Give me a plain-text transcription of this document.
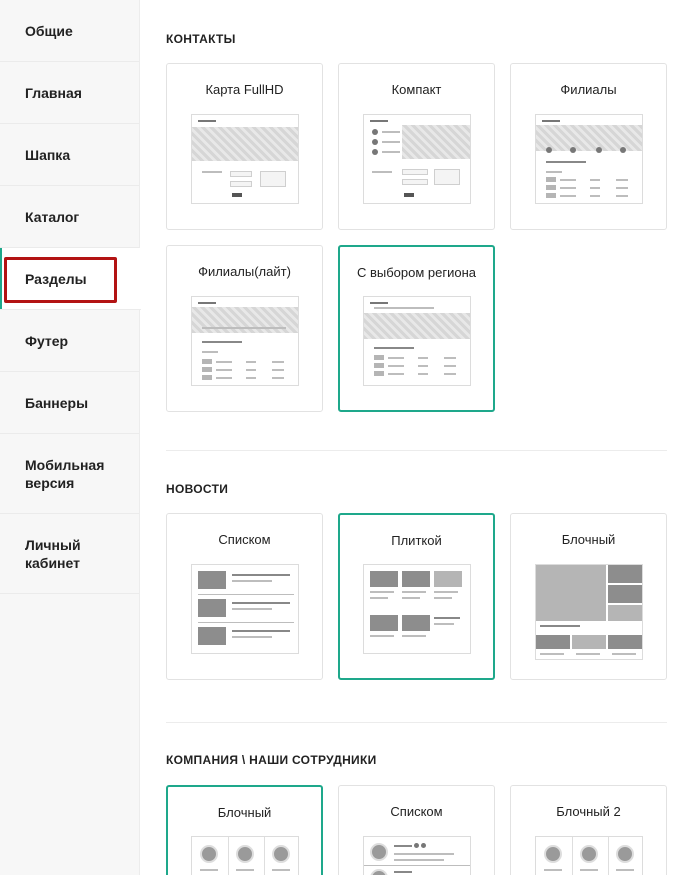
Общие
Главная
Шапка
Каталог
Разделы
Футер
Баннеры
Мобильная версия
Личный кабинет
КОНТАКТЫ
Карта FullHD	Компакт	Филиалы
Филиалы(лайт)	С выбором региона
НОВОСТИ
Списком	Плиткой	Блочный
КОМПАНИЯ \ НАШИ СОТРУДНИКИ
Блочный	Списком	Блочный 2
